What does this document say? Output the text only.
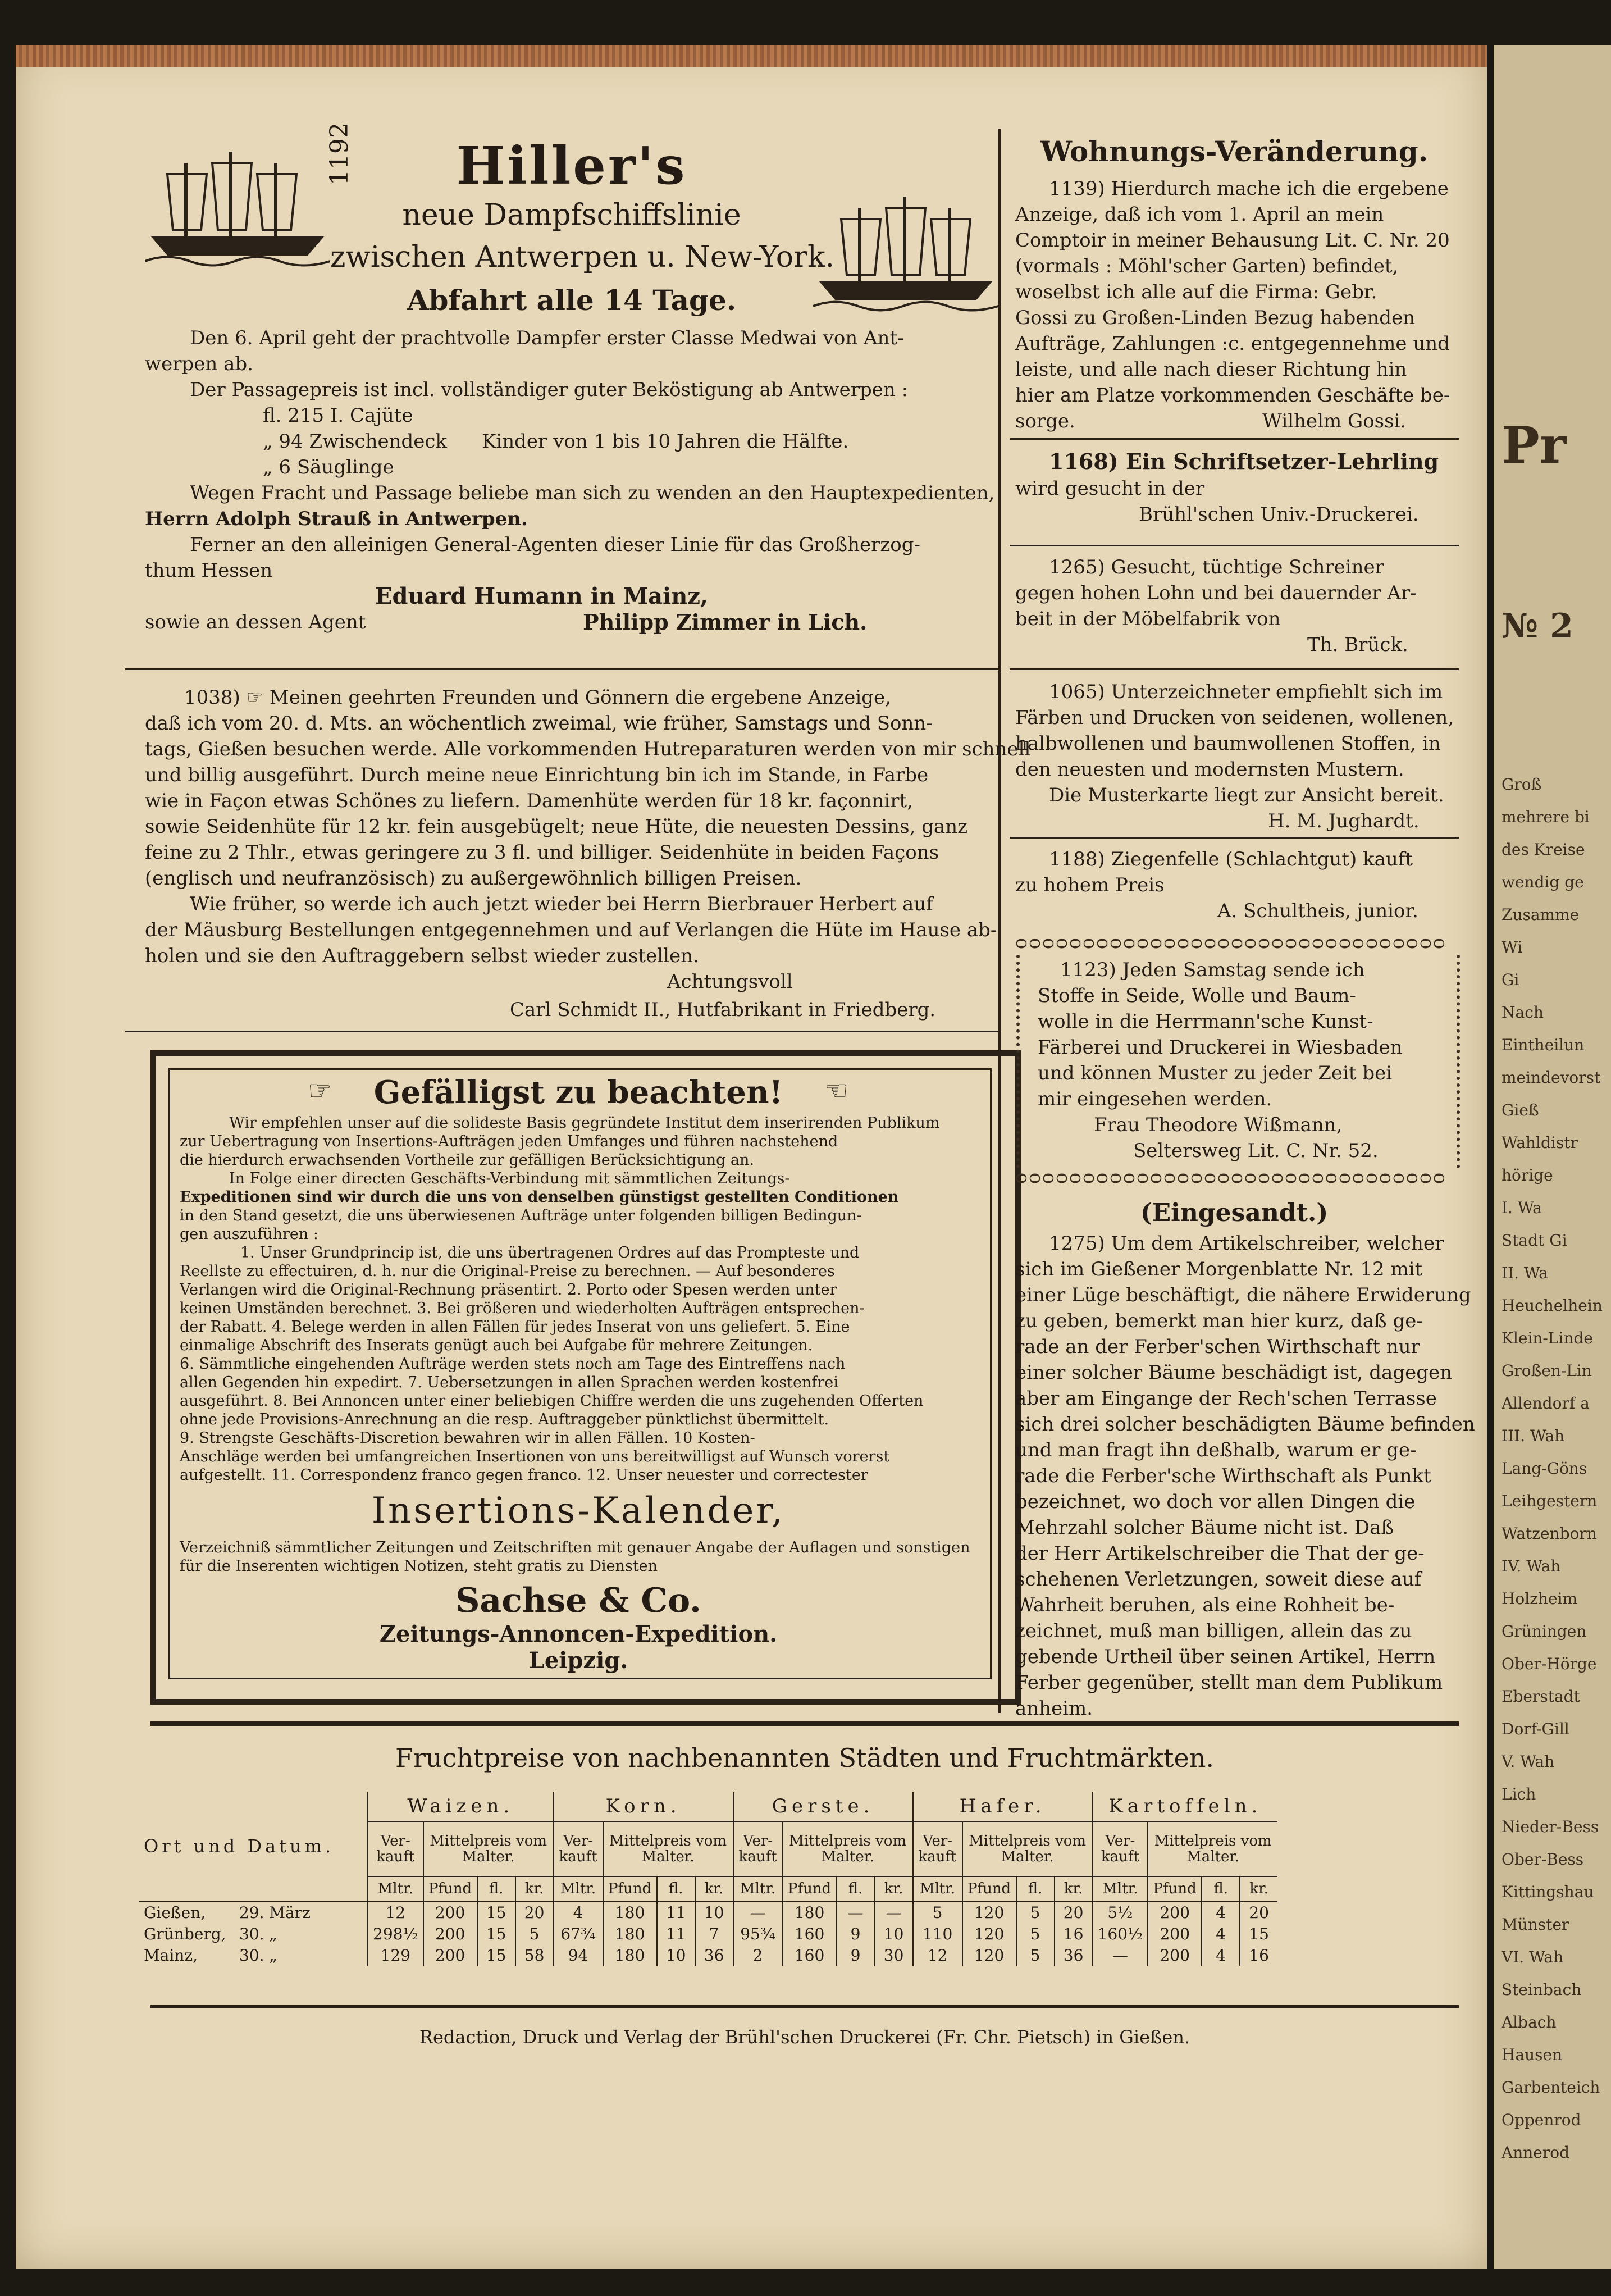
1192	Hiller's
neue Dampfschiffslinie
zwischen Antwerpen u. New-York.
Abfahrt alle 14 Tage.
Den 6. April geht der prachtvolle Dampfer erster Classe Medwai von Ant-
werpen ab.
Der Passagepreis ist incl. vollständiger guter Beköstigung ab Antwerpen :
fl. 215 I. Cajüte
„ 94 Zwischendeck
„ 6 Säuglinge
Kinder von 1 bis 10 Jahren die Hälfte.
Wegen Fracht und Passage beliebe man sich zu wenden an den Hauptexpedienten,
Herrn Adolph Strauß in Antwerpen.
Ferner an den alleinigen General-Agenten dieser Linie für das Großherzog-
thum Hessen
Eduard Humann in Mainz,
sowie an dessen Agent	Philipp Zimmer in Lich.
1038) ☞ Meinen geehrten Freunden und Gönnern die ergebene Anzeige,
daß ich vom 20. d. Mts. an wöchentlich zweimal, wie früher, Samstags und Sonn-
tags, Gießen besuchen werde. Alle vorkommenden Hutreparaturen werden von mir schnell
und billig ausgeführt. Durch meine neue Einrichtung bin ich im Stande, in Farbe
wie in Façon etwas Schönes zu liefern. Damenhüte werden für 18 kr. façonnirt,
sowie Seidenhüte für 12 kr. fein ausgebügelt; neue Hüte, die neuesten Dessins, ganz
feine zu 2 Thlr., etwas geringere zu 3 fl. und billiger. Seidenhüte in beiden Façons
(englisch und neufranzösisch) zu außergewöhnlich billigen Preisen.
Wie früher, so werde ich auch jetzt wieder bei Herrn Bierbrauer Herbert auf
der Mäusburg Bestellungen entgegennehmen und auf Verlangen die Hüte im Hause ab-
holen und sie den Auftraggebern selbst wieder zustellen.
Achtungsvoll
Carl Schmidt II., Hutfabrikant in Friedberg.
Gefälligst zu beachten!
☞	☞
Wir empfehlen unser auf die solideste Basis gegründete Institut dem inserirenden Publikum
zur Uebertragung von Insertions-Aufträgen jeden Umfanges und führen nachstehend
die hierdurch erwachsenden Vortheile zur gefälligen Berücksichtigung an.
In Folge einer directen Geschäfts-Verbindung mit sämmtlichen Zeitungs-
Expeditionen sind wir durch die uns von denselben günstigst gestellten Conditionen
in den Stand gesetzt, die uns überwiesenen Aufträge unter folgenden billigen Bedingun-
gen auszuführen :
1. Unser Grundprincip ist, die uns übertragenen Ordres auf das Prompteste und
Reellste zu effectuiren, d. h. nur die Original-Preise zu berechnen. — Auf besonderes
Verlangen wird die Original-Rechnung präsentirt. 2. Porto oder Spesen werden unter
keinen Umständen berechnet. 3. Bei größeren und wiederholten Aufträgen entsprechen-
der Rabatt. 4. Belege werden in allen Fällen für jedes Inserat von uns geliefert. 5. Eine
einmalige Abschrift des Inserats genügt auch bei Aufgabe für mehrere Zeitungen.
6. Sämmtliche eingehenden Aufträge werden stets noch am Tage des Eintreffens nach
allen Gegenden hin expedirt. 7. Uebersetzungen in allen Sprachen werden kostenfrei
ausgeführt. 8. Bei Annoncen unter einer beliebigen Chiffre werden die uns zugehenden Offerten
ohne jede Provisions-Anrechnung an die resp. Auftraggeber pünktlichst übermittelt.
9. Strengste Geschäfts-Discretion bewahren wir in allen Fällen. 10 Kosten-
Anschläge werden bei umfangreichen Insertionen von uns bereitwilligst auf Wunsch vorerst
aufgestellt. 11. Correspondenz franco gegen franco. 12. Unser neuester und correctester
Insertions-Kalender,
Verzeichniß sämmtlicher Zeitungen und Zeitschriften mit genauer Angabe der Auflagen und sonstigen
für die Inserenten wichtigen Notizen, steht gratis zu Diensten
Sachse & Co.
Zeitungs-Annoncen-Expedition.
Leipzig.
Wohnungs-Veränderung.
1139) Hierdurch mache ich die ergebene
Anzeige, daß ich vom 1. April an mein
Comptoir in meiner Behausung Lit. C. Nr. 20
(vormals : Möhl'scher Garten) befindet,
woselbst ich alle auf die Firma: Gebr.
Gossi zu Großen-Linden Bezug habenden
Aufträge, Zahlungen :c. entgegennehme und
leiste, und alle nach dieser Richtung hin
hier am Platze vorkommenden Geschäfte be-
sorge.	Wilhelm Gossi.
1168) Ein Schriftsetzer-Lehrling
wird gesucht in der
Brühl'schen Univ.-Druckerei.
1265) Gesucht, tüchtige Schreiner
gegen hohen Lohn und bei dauernder Ar-
beit in der Möbelfabrik von
Th. Brück.
1065) Unterzeichneter empfiehlt sich im
Färben und Drucken von seidenen, wollenen,
halbwollenen und baumwollenen Stoffen, in
den neuesten und modernsten Mustern.
Die Musterkarte liegt zur Ansicht bereit.
H. M. Jughardt.
1188) Ziegenfelle (Schlachtgut) kauft
zu hohem Preis
A. Schultheis, junior.
ᴑᴑᴑᴑᴑᴑᴑᴑᴑᴑᴑᴑᴑᴑᴑᴑᴑᴑᴑᴑᴑᴑᴑᴑᴑᴑᴑᴑᴑᴑᴑᴑ
1123) Jeden Samstag sende ich
Stoffe in Seide, Wolle und Baum-
wolle in die Herrmann'sche Kunst-
Färberei und Druckerei in Wiesbaden
und können Muster zu jeder Zeit bei
mir eingesehen werden.
Frau Theodore Wißmann,
Seltersweg Lit. C. Nr. 52.
ᴑᴑᴑᴑᴑᴑᴑᴑᴑᴑᴑᴑᴑᴑᴑᴑᴑᴑᴑᴑᴑᴑᴑᴑᴑᴑᴑᴑᴑᴑᴑᴑ
(Eingesandt.)
1275) Um dem Artikelschreiber, welcher
sich im Gießener Morgenblatte Nr. 12 mit
einer Lüge beschäftigt, die nähere Erwiderung
zu geben, bemerkt man hier kurz, daß ge-
rade an der Ferber'schen Wirthschaft nur
einer solcher Bäume beschädigt ist, dagegen
aber am Eingange der Rech'schen Terrasse
sich drei solcher beschädigten Bäume befinden
und man fragt ihn deßhalb, warum er ge-
rade die Ferber'sche Wirthschaft als Punkt
bezeichnet, wo doch vor allen Dingen die
Mehrzahl solcher Bäume nicht ist. Daß
der Herr Artikelschreiber die That der ge-
schehenen Verletzungen, soweit diese auf
Wahrheit beruhen, als eine Rohheit be-
zeichnet, muß man billigen, allein das zu
gebende Urtheil über seinen Artikel, Herrn
Ferber gegenüber, stellt man dem Publikum
anheim.
Fruchtpreise von nachbenannten Städten und Fruchtmärkten.
Ort und Datum.	Waizen.				Korn.				Gerste.				Hafer.				Kartoffeln.			
	Ver-kauft	Mittelpreis vom Malter.			Ver-kauft	Mittelpreis vom Malter.			Ver-kauft	Mittelpreis vom Malter.			Ver-kauft	Mittelpreis vom Malter.			Ver-kauft	Mittelpreis vom Malter.		
	Mltr.	Pfund	fl.	kr.	Mltr.	Pfund	fl.	kr.	Mltr.	Pfund	fl.	kr.	Mltr.	Pfund	fl.	kr.	Mltr.	Pfund	fl.	kr.
Gießen, 29. März	12	200	15	20	4	180	11	10	—	180	—	—	5	120	5	20	5½	200	4	20
Grünberg, 30. „	298½	200	15	5	67¾	180	11	7	95¾	160	9	10	110	120	5	16	160½	200	4	15
Mainz, 30. „	129	200	15	58	94	180	10	36	2	160	9	30	12	120	5	36	—	200	4	16
Redaction, Druck und Verlag der Brühl'schen Druckerei (Fr. Chr. Pietsch) in Gießen.
Pr
№ 2
Groß
mehrere bi
des Kreise
wendig ge
Zusamme
Wi
Gi
Nach
Eintheilun
meindevorst
Gieß
Wahldistr
hörige
I. Wa
Stadt Gi
II. Wa
Heuchelhein
Klein-Linde
Großen-Lin
Allendorf a
III. Wah
Lang-Göns
Leihgestern
Watzenborn
IV. Wah
Holzheim
Grüningen
Ober-Hörge
Eberstadt
Dorf-Gill
V. Wah
Lich
Nieder-Bess
Ober-Bess
Kittingshau
Münster
VI. Wah
Steinbach
Albach
Hausen
Garbenteich
Oppenrod
Annerod
